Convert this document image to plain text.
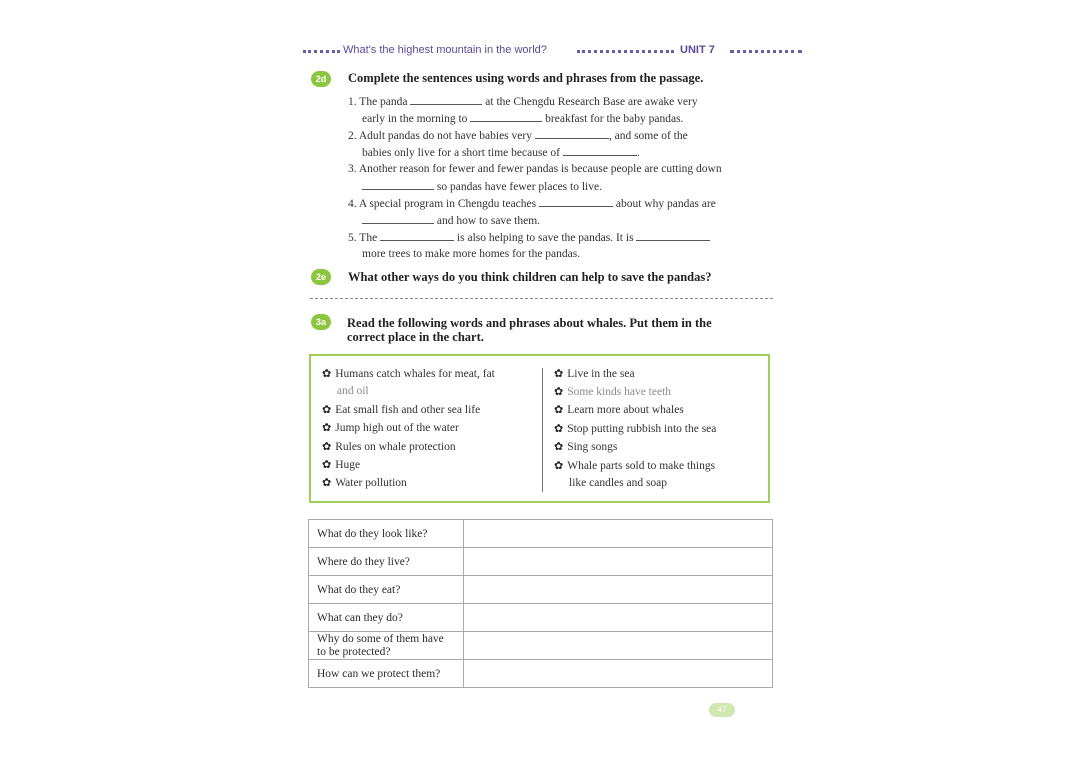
What's the highest mountain in the world?	UNIT 7
2d	Complete the sentences using words and phrases from the passage.
1. The panda	at the Chengdu Research Base are awake very
early in the morning to	breakfast for the baby pandas.
2. Adult pandas do not have babies very	, and some of the
babies only live for a short time because of	.
3. Another reason for fewer and fewer pandas is because people are cutting down
so pandas have fewer places to live.
4. A special program in Chengdu teaches	about why pandas are
and how to save them.
5. The	is also helping to save the pandas. It is
more trees to make more homes for the pandas.
2e	What other ways do you think children can help to save the pandas?
3a	Read the following words and phrases about whales. Put them in the
correct place in the chart.
✿ Humans catch whales for meat, fat
and oil
✿ Eat small fish and other sea life
✿ Jump high out of the water
✿ Rules on whale protection
✿ Huge
✿ Water pollution
✿ Live in the sea
✿ Some kinds have teeth
✿ Learn more about whales
✿ Stop putting rubbish into the sea
✿ Sing songs
✿ Whale parts sold to make things
like candles and soap
What do they look like?	
Where do they live?	
What do they eat?	
What can they do?	

Why do some of them have
to be protected?	

How can we protect them?	
47
